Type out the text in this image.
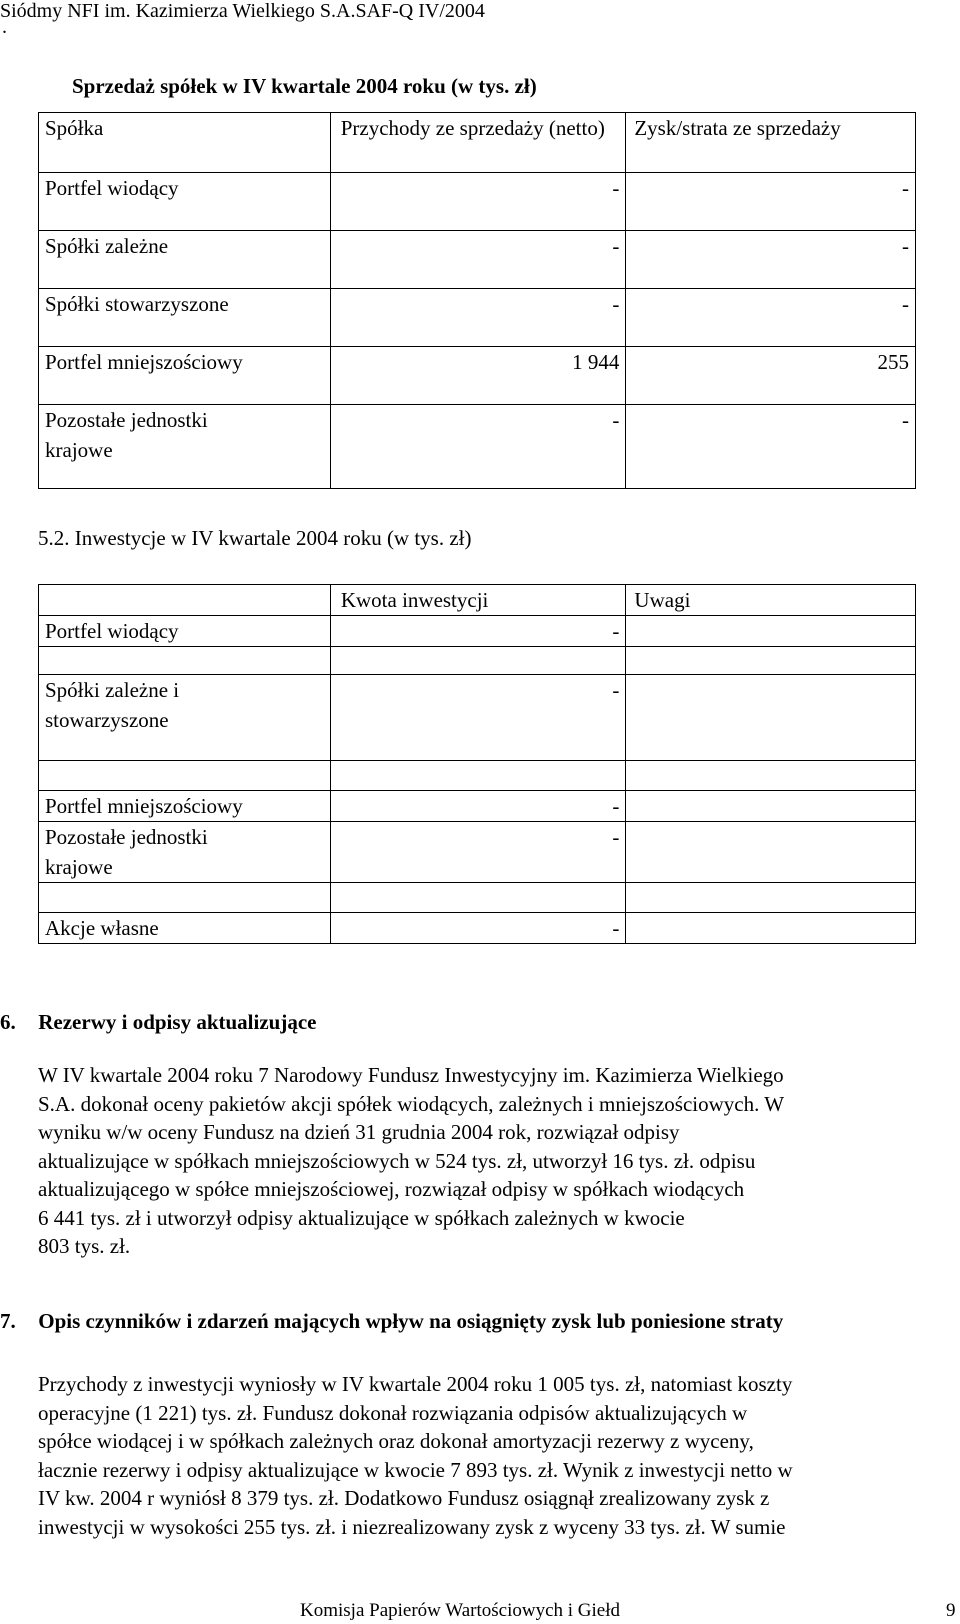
Siódmy NFI im. Kazimierza Wielkiego S.A.SAF-Q IV/2004
.
Sprzedaż spółek w IV kwartale 2004 roku (w tys. zł)
Spółka	Przychody ze sprzedaży (netto)	Zysk/strata ze sprzedaży
Portfel wiodący	-	-
Spółki zależne	-	-
Spółki stowarzyszone	-	-
Portfel mniejszościowy	1 944	255
Pozostałe jednostki krajowe	-	-
5.2. Inwestycje w IV kwartale 2004 roku (w tys. zł)
	Kwota inwestycji	Uwagi
Portfel wiodący	-	

Spółki zależne i stowarzyszone	-	

Portfel mniejszościowy	-	
Pozostałe jednostki krajowe	-	

Akcje własne	-	
6. Rezerwy i odpisy aktualizujące
W IV kwartale 2004 roku 7 Narodowy Fundusz Inwestycyjny im. Kazimierza Wielkiego
S.A. dokonał oceny pakietów akcji spółek wiodących, zależnych i mniejszościowych. W
wyniku w/w oceny Fundusz na dzień 31 grudnia 2004 rok, rozwiązał odpisy
aktualizujące w spółkach mniejszościowych w 524 tys. zł, utworzył 16 tys. zł. odpisu
aktualizującego w spółce mniejszościowej, rozwiązał odpisy w spółkach wiodących
6 441 tys. zł i utworzył odpisy aktualizujące w spółkach zależnych w kwocie
803 tys. zł.
7. Opis czynników i zdarzeń mających wpływ na osiągnięty zysk lub poniesione straty
Przychody z inwestycji wyniosły w IV kwartale 2004 roku 1 005 tys. zł, natomiast koszty
operacyjne (1 221) tys. zł. Fundusz dokonał rozwiązania odpisów aktualizujących w
spółce wiodącej i w spółkach zależnych oraz dokonał amortyzacji rezerwy z wyceny,
łacznie rezerwy i odpisy aktualizujące w kwocie 7 893 tys. zł. Wynik z inwestycji netto w
IV kw. 2004 r wyniósł 8 379 tys. zł. Dodatkowo Fundusz osiągnął zrealizowany zysk z
inwestycji w wysokości 255 tys. zł. i niezrealizowany zysk z wyceny 33 tys. zł. W sumie
Komisja Papierów Wartościowych i Giełd	9
